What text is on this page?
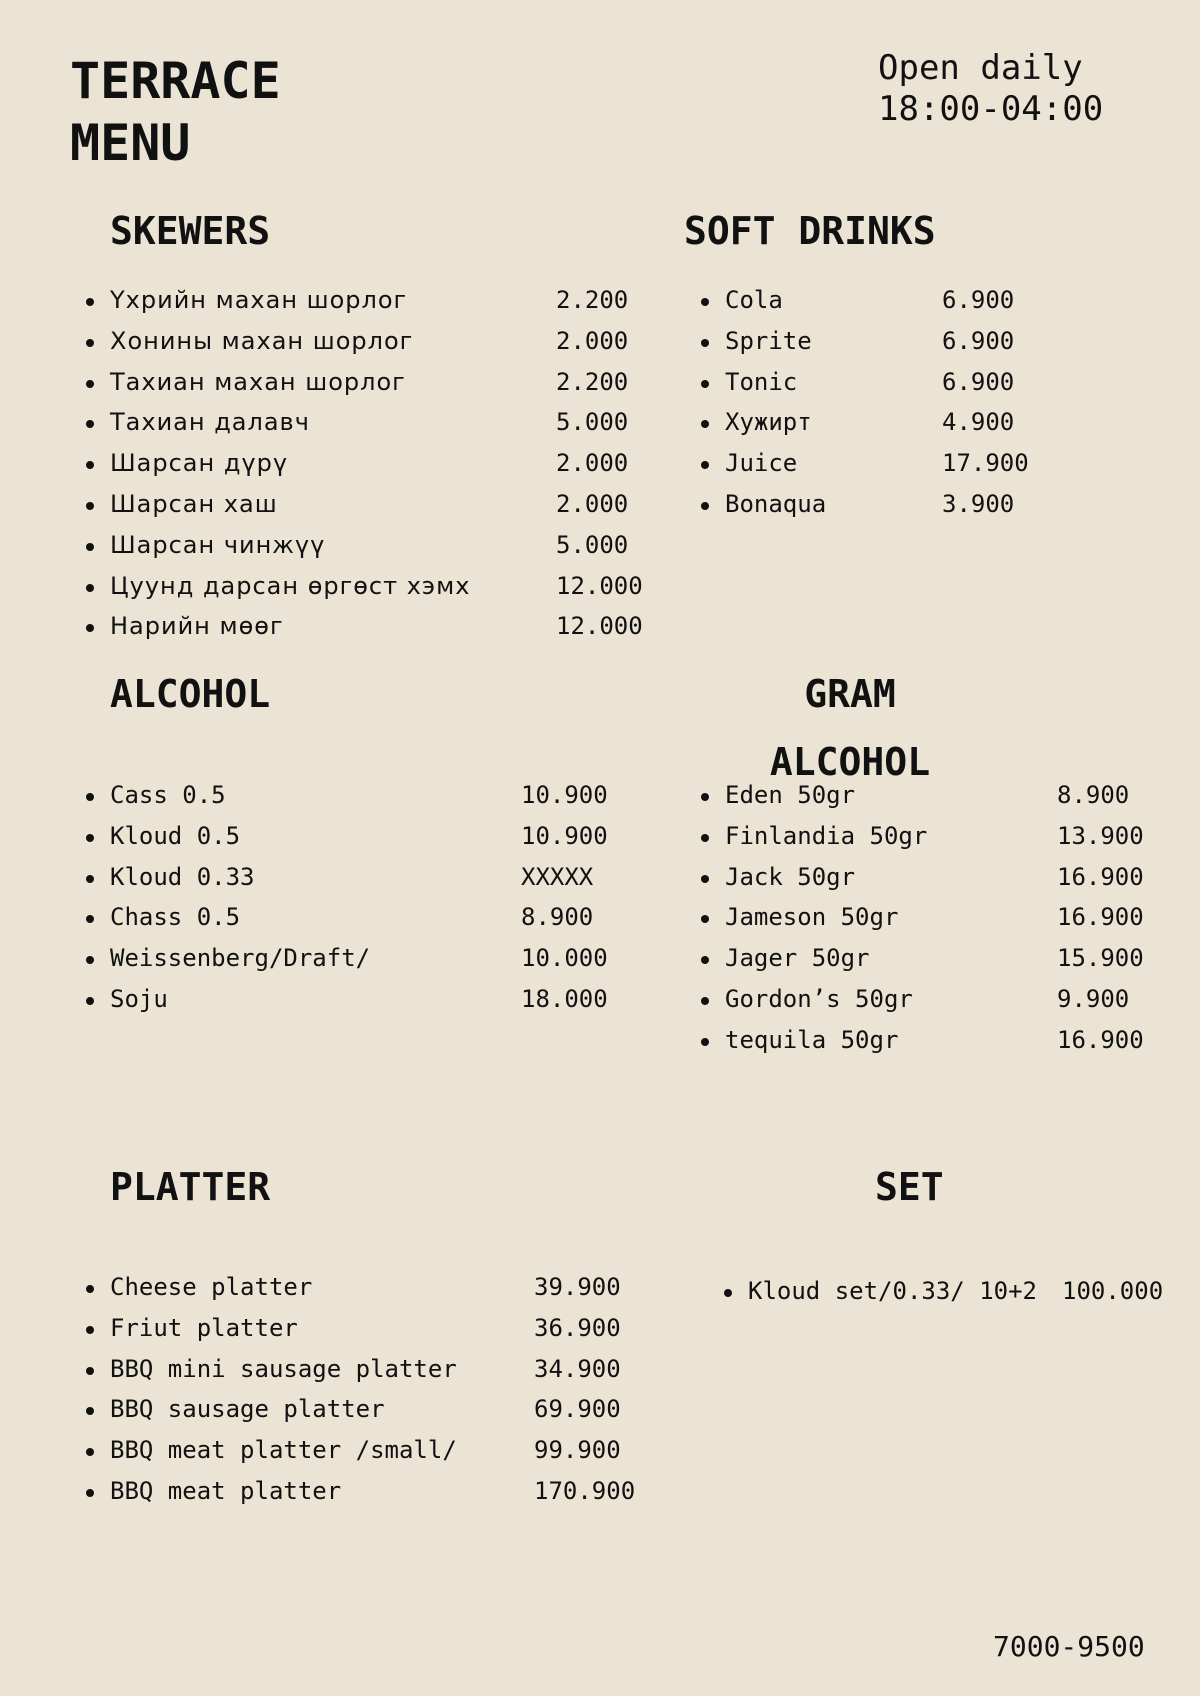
TERRACE
MENU
Open daily
18:00-04:00
SKEWERS
Үхрийн махан шорлог	2.200
Хонины махан шорлог	2.000
Тахиан махан шорлог	2.200
Тахиан далавч	5.000
Шарсан дүрү	2.000
Шарсан хаш	2.000
Шарсан чинжүү	5.000
Цуунд дарсан өргөст хэмх	12.000
Нарийн мөөг	12.000
SOFT DRINKS
Cola	6.900
Sprite	6.900
Tonic	6.900
Хужирт	4.900
Juice	17.900
Bonaqua	3.900
ALCOHOL
Cass 0.5	10.900
Kloud 0.5	10.900
Kloud 0.33	XXXXX
Chass 0.5	8.900
Weissenberg/Draft/	10.000
Soju	18.000
GRAM
ALCOHOL
Eden 50gr	8.900
Finlandia 50gr	13.900
Jack 50gr	16.900
Jameson 50gr	16.900
Jager 50gr	15.900
Gordon’s 50gr	9.900
tequila 50gr	16.900
PLATTER
Cheese platter	39.900
Friut platter	36.900
BBQ mini sausage platter	34.900
BBQ sausage platter	69.900
BBQ meat platter /small/	99.900
BBQ meat platter	170.900
SET
Kloud set/0.33/ 10+2 100.000
7000-9500
